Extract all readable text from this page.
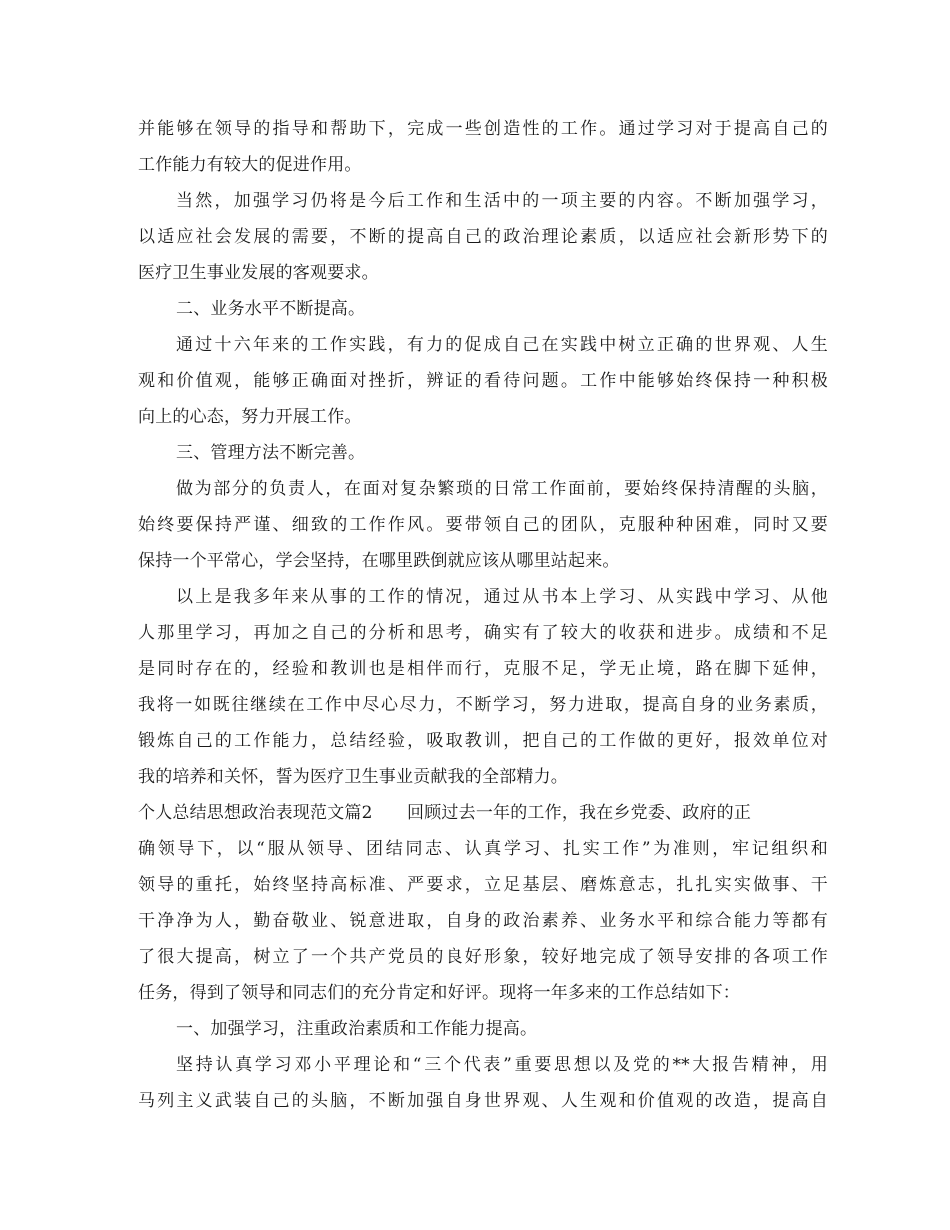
并能够在领导的指导和帮助下，完成一些创造性的工作。通过学习对于提高自己的
工作能力有较大的促进作用。
当然，加强学习仍将是今后工作和生活中的一项主要的内容。不断加强学习，
以适应社会发展的需要，不断的提高自己的政治理论素质，以适应社会新形势下的
医疗卫生事业发展的客观要求。
二、业务水平不断提高。
通过十六年来的工作实践，有力的促成自己在实践中树立正确的世界观、人生
观和价值观，能够正确面对挫折，辨证的看待问题。工作中能够始终保持一种积极
向上的心态，努力开展工作。
三、管理方法不断完善。
做为部分的负责人，在面对复杂繁琐的日常工作面前，要始终保持清醒的头脑，
始终要保持严谨、细致的工作作风。要带领自己的团队，克服种种困难，同时又要
保持一个平常心，学会坚持，在哪里跌倒就应该从哪里站起来。
以上是我多年来从事的工作的情况，通过从书本上学习、从实践中学习、从他
人那里学习，再加之自己的分析和思考，确实有了较大的收获和进步。成绩和不足
是同时存在的，经验和教训也是相伴而行，克服不足，学无止境，路在脚下延伸，
我将一如既往继续在工作中尽心尽力，不断学习，努力进取，提高自身的业务素质，
锻炼自己的工作能力，总结经验，吸取教训，把自己的工作做的更好，报效单位对
我的培养和关怀，誓为医疗卫生事业贡献我的全部精力。
个人总结思想政治表现范文篇2　　回顾过去一年的工作，我在乡党委、政府的正
确领导下，以“服从领导、团结同志、认真学习、扎实工作”为准则，牢记组织和
领导的重托，始终坚持高标准、严要求，立足基层、磨炼意志，扎扎实实做事、干
干净净为人，勤奋敬业、锐意进取，自身的政治素养、业务水平和综合能力等都有
了很大提高，树立了一个共产党员的良好形象，较好地完成了领导安排的各项工作
任务，得到了领导和同志们的充分肯定和好评。现将一年多来的工作总结如下：
一、加强学习，注重政治素质和工作能力提高。
坚持认真学习邓小平理论和“三个代表”重要思想以及党的**大报告精神，用
马列主义武装自己的头脑，不断加强自身世界观、人生观和价值观的改造，提高自
